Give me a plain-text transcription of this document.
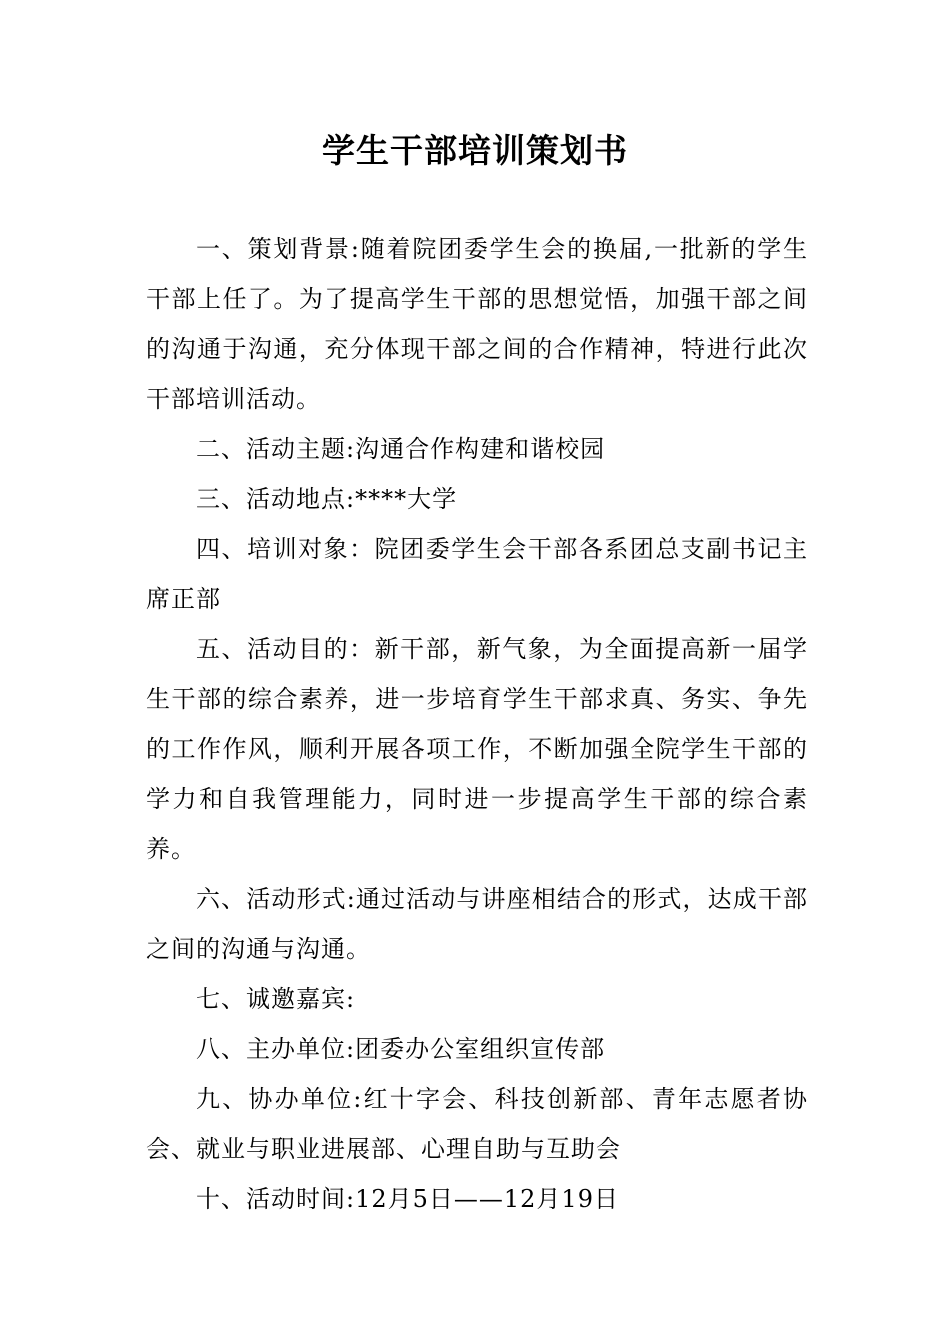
学生干部培训策划书

一、策划背景:随着院团委学生会的换届,一批新的学生干部上任了。为了提高学生干部的思想觉悟，加强干部之间的沟通于沟通，充分体现干部之间的合作精神，特进行此次干部培训活动。

二、活动主题:沟通合作构建和谐校园

三、活动地点:****大学

四、培训对象：院团委学生会干部各系团总支副书记主席正部

五、活动目的：新干部，新气象，为全面提高新一届学生干部的综合素养，进一步培育学生干部求真、务实、争先的工作作风，顺利开展各项工作，不断加强全院学生干部的学力和自我管理能力，同时进一步提高学生干部的综合素养。

六、活动形式:通过活动与讲座相结合的形式，达成干部之间的沟通与沟通。

七、诚邀嘉宾:

八、主办单位:团委办公室组织宣传部

九、协办单位:红十字会、科技创新部、青年志愿者协会、就业与职业进展部、心理自助与互助会

十、活动时间:12月5日——12月19日
